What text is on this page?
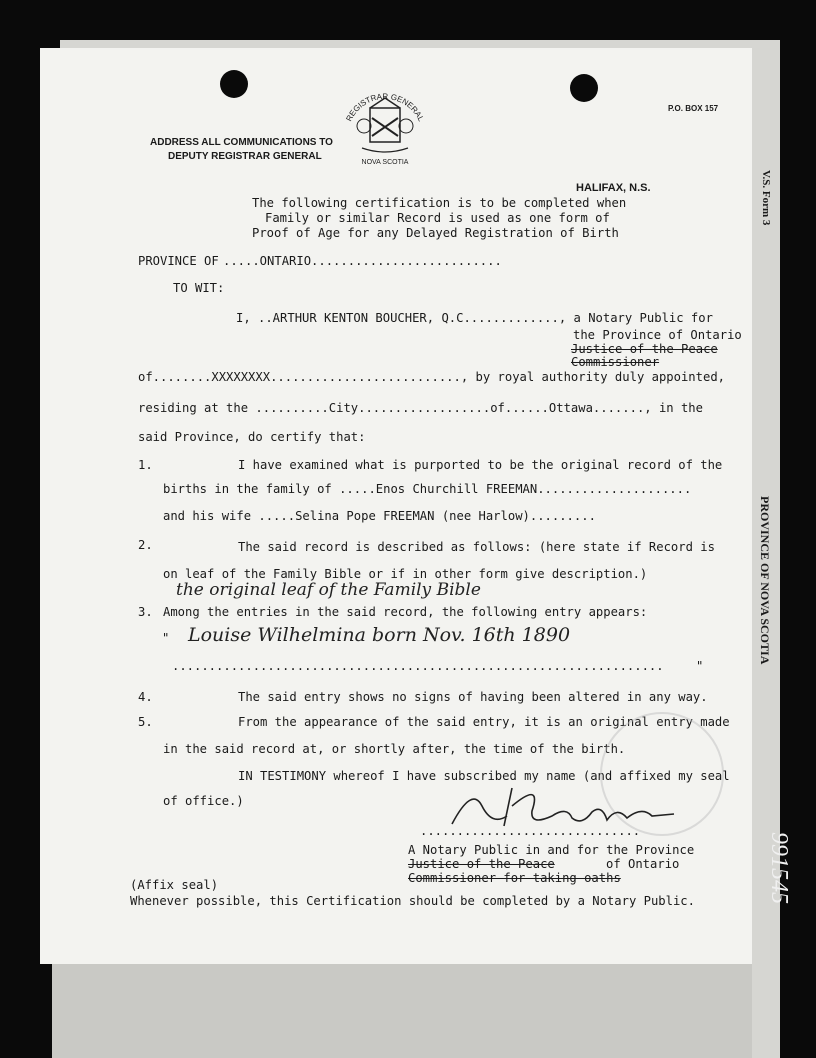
P.O. BOX 157
ADDRESS ALL COMMUNICATIONS TO
DEPUTY REGISTRAR GENERAL
REGISTRAR GENERAL
NOVA SCOTIA
HALIFAX, N.S.
The following certification is to be completed when
Family or similar Record is used as one form of
Proof of Age for any Delayed Registration of Birth
PROVINCE OF .....ONTARIO..........................
TO WIT:
I, ..ARTHUR KENTON BOUCHER, Q.C............., a Notary Public for
the Province of Ontario
Justice of the Peace
Commissioner
of........XXXXXXXX.........................., by royal authority duly appointed,
residing at the ..........City..................of......Ottawa......., in the
said Province, do certify that:
1.	I have examined what is purported to be the original record of the
births in the family of .....Enos Churchill FREEMAN.....................
and his wife .....Selina Pope FREEMAN (nee Harlow).........
2.	The said record is described as follows: (here state if Record is
on leaf of the Family Bible or if in other form give description.)
the original leaf of the Family Bible
3. Among the entries in the said record, the following entry appears:
" Louise Wilhelmina born Nov. 16th 1890
...................................................................	"
4.	The said entry shows no signs of having been altered in any way.
5.	From the appearance of the said entry, it is an original entry made
in the said record at, or shortly after, the time of the birth.
IN TESTIMONY whereof I have subscribed my name (and affixed my seal
of office.)
..............................
A Notary Public in and for the Province
Justice of the Peace	of Ontario
Commissioner for taking oaths
(Affix seal)
Whenever possible, this Certification should be completed by a Notary Public.
V.S. Form 3
PROVINCE OF NOVA SCOTIA
991545
